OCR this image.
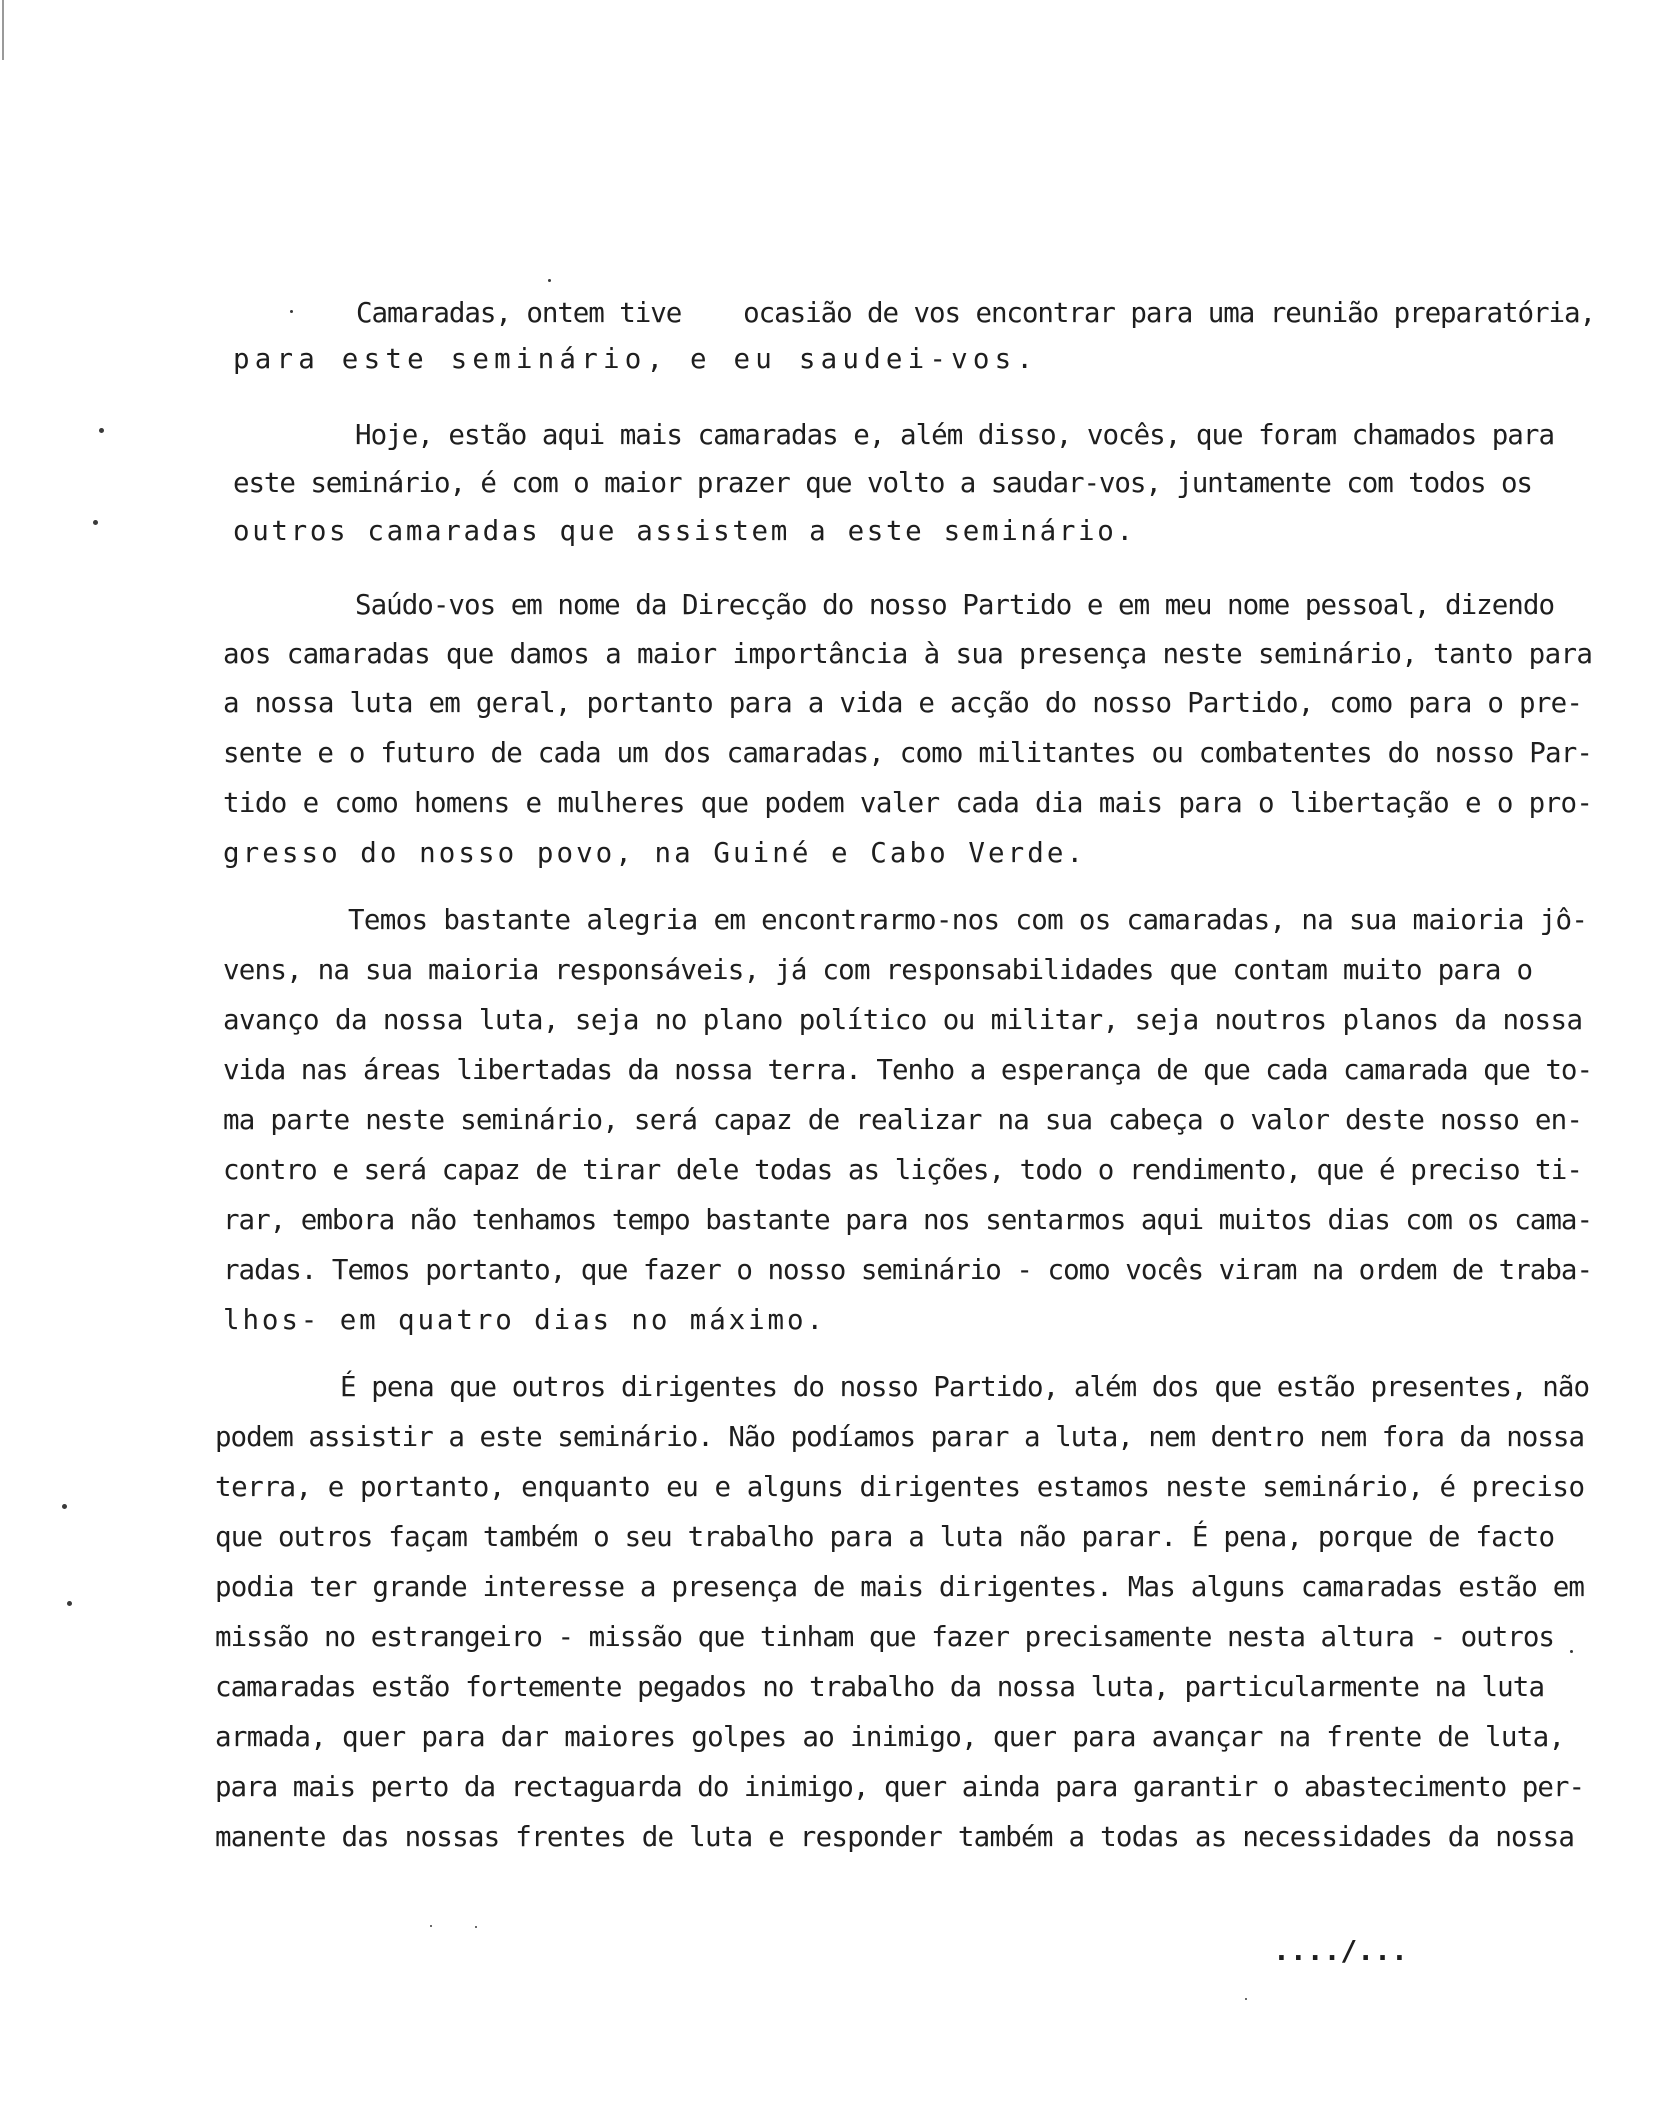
Camaradas, ontem tive    ocasião de vos encontrar para uma reunião preparatória,
para este seminário, e eu saudei-vos.
Hoje, estão aqui mais camaradas e, além disso, vocês, que foram chamados para
este seminário, é com o maior prazer que volto a saudar-vos, juntamente com todos os
outros camaradas que assistem a este seminário.
Saúdo-vos em nome da Direcção do nosso Partido e em meu nome pessoal, dizendo
aos camaradas que damos a maior importância à sua presença neste seminário, tanto para
a nossa luta em geral, portanto para a vida e acção do nosso Partido, como para o pre-
sente e o futuro de cada um dos camaradas, como militantes ou combatentes do nosso Par-
tido e como homens e mulheres que podem valer cada dia mais para o libertação e o pro-
gresso do nosso povo, na Guiné e Cabo Verde.
Temos bastante alegria em encontrarmo-nos com os camaradas, na sua maioria jô-
vens, na sua maioria responsáveis, já com responsabilidades que contam muito para o
avanço da nossa luta, seja no plano político ou militar, seja noutros planos da nossa
vida nas áreas libertadas da nossa terra. Tenho a esperança de que cada camarada que to-
ma parte neste seminário, será capaz de realizar na sua cabeça o valor deste nosso en-
contro e será capaz de tirar dele todas as lições, todo o rendimento, que é preciso ti-
rar, embora não tenhamos tempo bastante para nos sentarmos aqui muitos dias com os cama-
radas. Temos portanto, que fazer o nosso seminário - como vocês viram na ordem de traba-
lhos- em quatro dias no máximo.
É pena que outros dirigentes do nosso Partido, além dos que estão presentes, não
podem assistir a este seminário. Não podíamos parar a luta, nem dentro nem fora da nossa
terra, e portanto, enquanto eu e alguns dirigentes estamos neste seminário, é preciso
que outros façam também o seu trabalho para a luta não parar. É pena, porque de facto
podia ter grande interesse a presença de mais dirigentes. Mas alguns camaradas estão em
missão no estrangeiro - missão que tinham que fazer precisamente nesta altura - outros
camaradas estão fortemente pegados no trabalho da nossa luta, particularmente na luta
armada, quer para dar maiores golpes ao inimigo, quer para avançar na frente de luta,
para mais perto da rectaguarda do inimigo, quer ainda para garantir o abastecimento per-
manente das nossas frentes de luta e responder também a todas as necessidades da nossa
..../...
